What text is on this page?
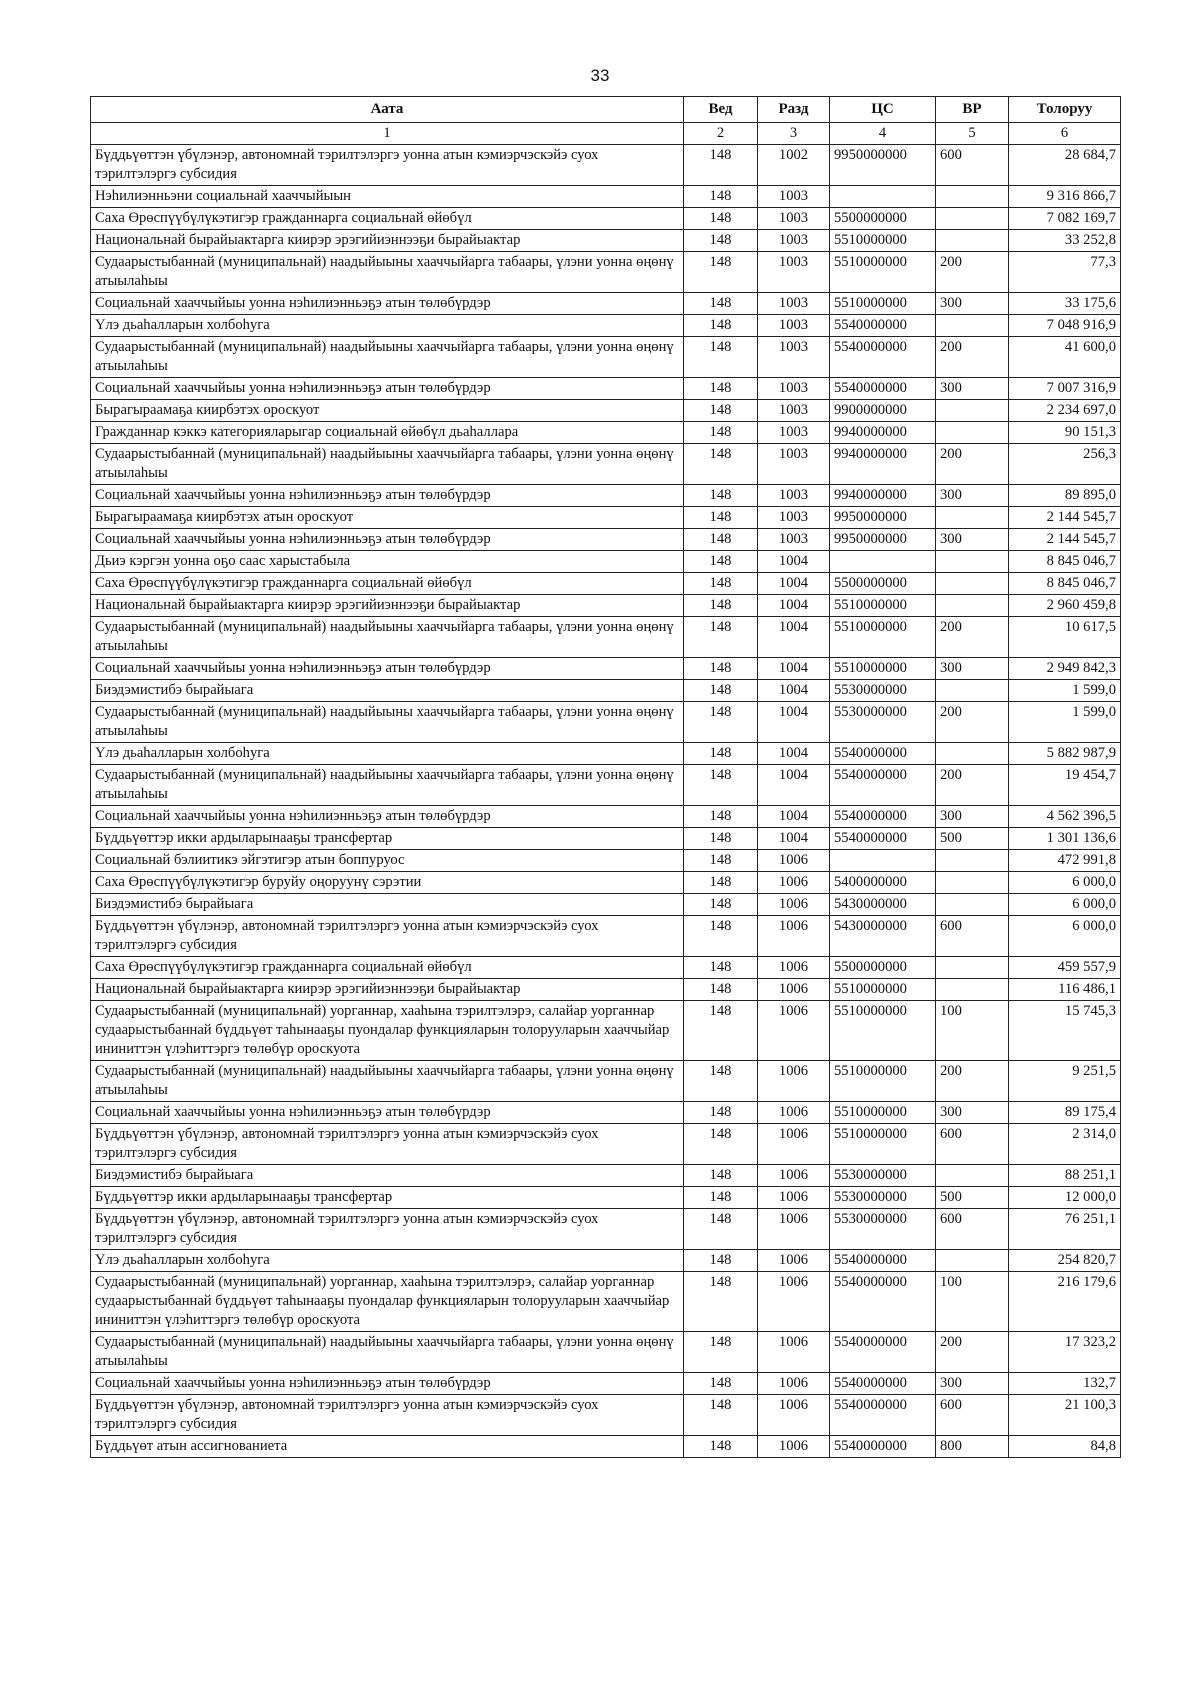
33
Аата	Вед	Разд	ЦС	ВР	Толоруу
1	2	3	4	5	6
Бүддьүөттэн үбүлэнэр, автономнай тэрилтэлэргэ уонна атын кэмиэрчэскэйэ суох тэрилтэлэргэ субсидия	148	1002	9950000000	600	28 684,7
Нэһилиэнньэни социальнай хааччыйыын	148	1003			9 316 866,7
Саха Өрөспүүбүлүкэтигэр гражданнарга социальнай өйөбүл	148	1003	5500000000		7 082 169,7
Национальнай бырайыактарга киирэр эрэгийиэннээҕи бырайыактар	148	1003	5510000000		33 252,8
Судаарыстыбаннай (муниципальнай) наадыйыыны хааччыйарга табаары, үлэни уонна өңөнү атыылаһыы	148	1003	5510000000	200	77,3
Социальнай хааччыйыы уонна нэһилиэнньэҕэ атын төлөбүрдэр	148	1003	5510000000	300	33 175,6
Үлэ дьаһалларын холбоһуга	148	1003	5540000000		7 048 916,9
Судаарыстыбаннай (муниципальнай) наадыйыыны хааччыйарга табаары, үлэни уонна өңөнү атыылаһыы	148	1003	5540000000	200	41 600,0
Социальнай хааччыйыы уонна нэһилиэнньэҕэ атын төлөбүрдэр	148	1003	5540000000	300	7 007 316,9
Бырагыраамаҕа киирбэтэх ороскуот	148	1003	9900000000		2 234 697,0
Гражданнар кэккэ категорияларыгар социальнай өйөбүл дьаһаллара	148	1003	9940000000		90 151,3
Судаарыстыбаннай (муниципальнай) наадыйыыны хааччыйарга табаары, үлэни уонна өңөнү атыылаһыы	148	1003	9940000000	200	256,3
Социальнай хааччыйыы уонна нэһилиэнньэҕэ атын төлөбүрдэр	148	1003	9940000000	300	89 895,0
Бырагыраамаҕа киирбэтэх атын ороскуот	148	1003	9950000000		2 144 545,7
Социальнай хааччыйыы уонна нэһилиэнньэҕэ атын төлөбүрдэр	148	1003	9950000000	300	2 144 545,7
Дьиэ кэргэн уонна оҕо саас харыстабыла	148	1004			8 845 046,7
Саха Өрөспүүбүлүкэтигэр гражданнарга социальнай өйөбүл	148	1004	5500000000		8 845 046,7
Национальнай бырайыактарга киирэр эрэгийиэннээҕи бырайыактар	148	1004	5510000000		2 960 459,8
Судаарыстыбаннай (муниципальнай) наадыйыыны хааччыйарга табаары, үлэни уонна өңөнү атыылаһыы	148	1004	5510000000	200	10 617,5
Социальнай хааччыйыы уонна нэһилиэнньэҕэ атын төлөбүрдэр	148	1004	5510000000	300	2 949 842,3
Биэдэмистибэ бырайыага	148	1004	5530000000		1 599,0
Судаарыстыбаннай (муниципальнай) наадыйыыны хааччыйарга табаары, үлэни уонна өңөнү атыылаһыы	148	1004	5530000000	200	1 599,0
Үлэ дьаһалларын холбоһуга	148	1004	5540000000		5 882 987,9
Судаарыстыбаннай (муниципальнай) наадыйыыны хааччыйарга табаары, үлэни уонна өңөнү атыылаһыы	148	1004	5540000000	200	19 454,7
Социальнай хааччыйыы уонна нэһилиэнньэҕэ атын төлөбүрдэр	148	1004	5540000000	300	4 562 396,5
Бүддьүөттэр икки ардыларынааҕы трансфертар	148	1004	5540000000	500	1 301 136,6
Социальнай бэлиитикэ эйгэтигэр атын боппуруос	148	1006			472 991,8
Саха Өрөспүүбүлүкэтигэр буруйу оңоруунү сэрэтии	148	1006	5400000000		6 000,0
Биэдэмистибэ бырайыага	148	1006	5430000000		6 000,0
Бүддьүөттэн үбүлэнэр, автономнай тэрилтэлэргэ уонна атын кэмиэрчэскэйэ суох тэрилтэлэргэ субсидия	148	1006	5430000000	600	6 000,0
Саха Өрөспүүбүлүкэтигэр гражданнарга социальнай өйөбүл	148	1006	5500000000		459 557,9
Национальнай бырайыактарга киирэр эрэгийиэннээҕи бырайыактар	148	1006	5510000000		116 486,1
Судаарыстыбаннай (муниципальнай) уорганнар, хааһына тэрилтэлэрэ, салайар уорганнар судаарыстыбаннай бүддьүөт таһынааҕы пуондалар функцияларын толорууларын хааччыйар ининиттэн үлэһиттэргэ төлөбүр ороскуота	148	1006	5510000000	100	15 745,3
Судаарыстыбаннай (муниципальнай) наадыйыыны хааччыйарга табаары, үлэни уонна өңөнү атыылаһыы	148	1006	5510000000	200	9 251,5
Социальнай хааччыйыы уонна нэһилиэнньэҕэ атын төлөбүрдэр	148	1006	5510000000	300	89 175,4
Бүддьүөттэн үбүлэнэр, автономнай тэрилтэлэргэ уонна атын кэмиэрчэскэйэ суох тэрилтэлэргэ субсидия	148	1006	5510000000	600	2 314,0
Биэдэмистибэ бырайыага	148	1006	5530000000		88 251,1
Бүддьүөттэр икки ардыларынааҕы трансфертар	148	1006	5530000000	500	12 000,0
Бүддьүөттэн үбүлэнэр, автономнай тэрилтэлэргэ уонна атын кэмиэрчэскэйэ суох тэрилтэлэргэ субсидия	148	1006	5530000000	600	76 251,1
Үлэ дьаһалларын холбоһуга	148	1006	5540000000		254 820,7
Судаарыстыбаннай (муниципальнай) уорганнар, хааһына тэрилтэлэрэ, салайар уорганнар судаарыстыбаннай бүддьүөт таһынааҕы пуондалар функцияларын толорууларын хааччыйар ининиттэн үлэһиттэргэ төлөбүр ороскуота	148	1006	5540000000	100	216 179,6
Судаарыстыбаннай (муниципальнай) наадыйыыны хааччыйарга табаары, үлэни уонна өңөнү атыылаһыы	148	1006	5540000000	200	17 323,2
Социальнай хааччыйыы уонна нэһилиэнньэҕэ атын төлөбүрдэр	148	1006	5540000000	300	132,7
Бүддьүөттэн үбүлэнэр, автономнай тэрилтэлэргэ уонна атын кэмиэрчэскэйэ суох тэрилтэлэргэ субсидия	148	1006	5540000000	600	21 100,3
Бүддьүөт атын ассигнованиета	148	1006	5540000000	800	84,8
